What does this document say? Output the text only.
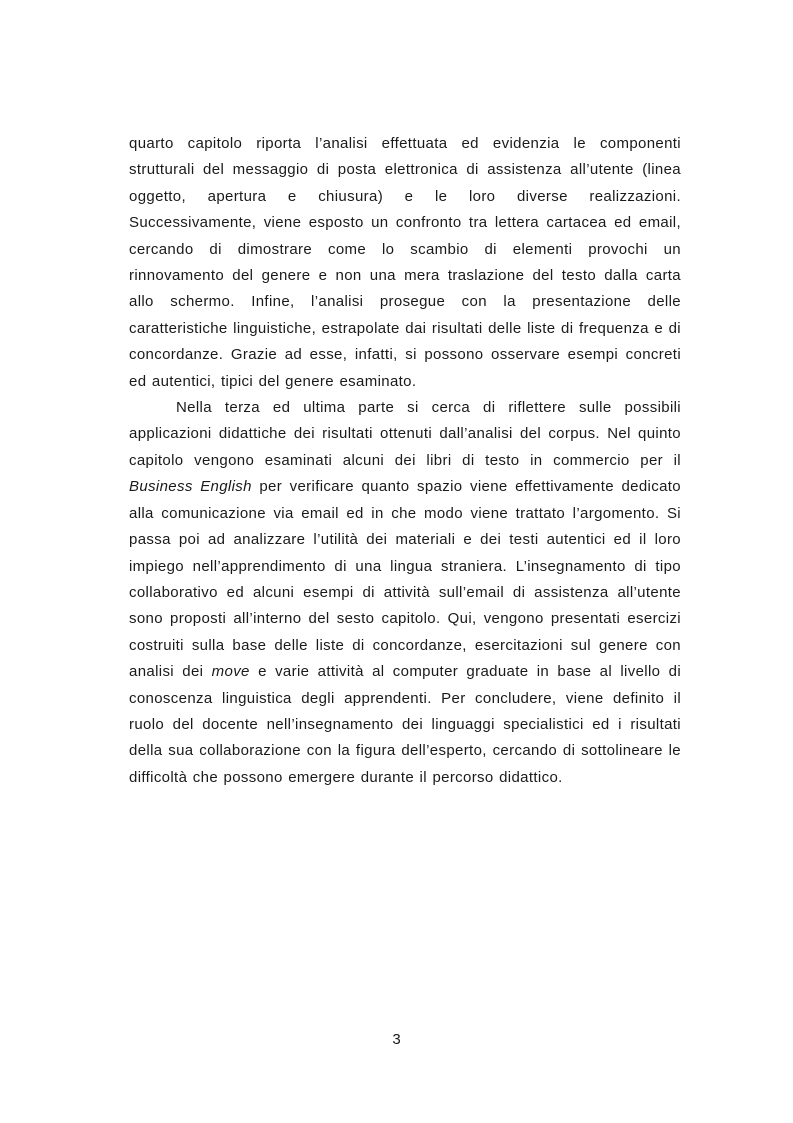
quarto capitolo riporta l’analisi effettuata ed evidenzia le componenti strutturali del messaggio di posta elettronica di assistenza all’utente (linea oggetto, apertura e chiusura) e le loro diverse realizzazioni. Successivamente, viene esposto un confronto tra lettera cartacea ed email, cercando di dimostrare come lo scambio di elementi provochi un rinnovamento del genere e non una mera traslazione del testo dalla carta allo schermo. Infine, l’analisi prosegue con la presentazione delle caratteristiche linguistiche, estrapolate dai risultati delle liste di frequenza e di concordanze. Grazie ad esse, infatti, si possono osservare esempi concreti ed autentici, tipici del genere esaminato.

Nella terza ed ultima parte si cerca di riflettere sulle possibili applicazioni didattiche dei risultati ottenuti dall’analisi del corpus. Nel quinto capitolo vengono esaminati alcuni dei libri di testo in commercio per il Business English per verificare quanto spazio viene effettivamente dedicato alla comunicazione via email ed in che modo viene trattato l’argomento. Si passa poi ad analizzare l’utilità dei materiali e dei testi autentici ed il loro impiego nell’apprendimento di una lingua straniera. L’insegnamento di tipo collaborativo ed alcuni esempi di attività sull’email di assistenza all’utente sono proposti all’interno del sesto capitolo. Qui, vengono presentati esercizi costruiti sulla base delle liste di concordanze, esercitazioni sul genere con analisi dei move e varie attività al computer graduate in base al livello di conoscenza linguistica degli apprendenti. Per concludere, viene definito il ruolo del docente nell’insegnamento dei linguaggi specialistici ed i risultati della sua collaborazione con la figura dell’esperto, cercando di sottolineare le difficoltà che possono emergere durante il percorso didattico.

3
